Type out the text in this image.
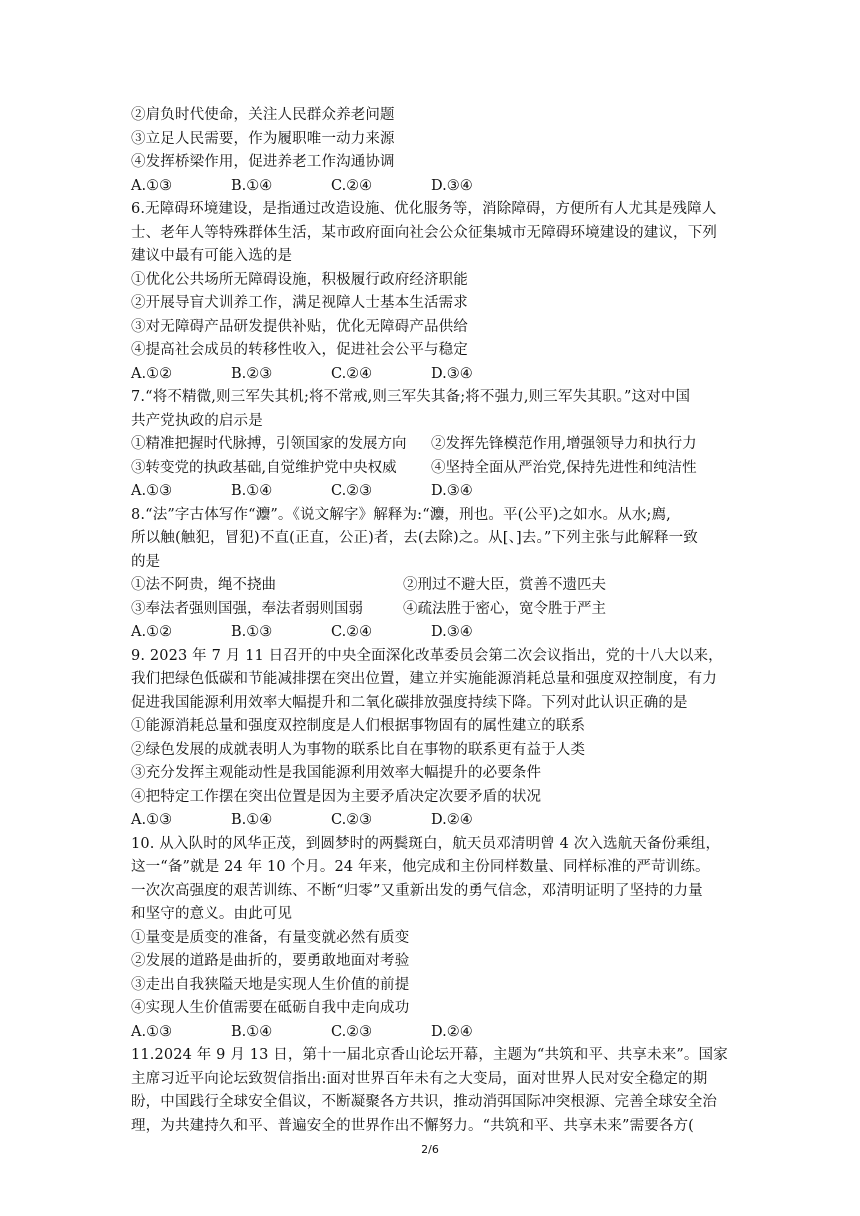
②肩负时代使命，关注人民群众养老问题
③立足人民需要，作为履职唯一动力来源
④发挥桥梁作用，促进养老工作沟通协调
A.①③	B.①④	C.②④	D.③④
6.无障碍环境建设，是指通过改造设施、优化服务等，消除障碍，方便所有人尤其是残障人
士、老年人等特殊群体生活，某市政府面向社会公众征集城市无障碍环境建设的建议，下列
建议中最有可能入选的是
①优化公共场所无障碍设施，积极履行政府经济职能
②开展导盲犬训养工作，满足视障人士基本生活需求
③对无障碍产品研发提供补贴，优化无障碍产品供给
④提高社会成员的转移性收入，促进社会公平与稳定
A.①②	B.②③	C.②④	D.③④
7.“将不精微,则三军失其机;将不常戒,则三军失其备;将不强力,则三军失其职。”这对中国
共产党执政的启示是
①精准把握时代脉搏，引领国家的发展方向	②发挥先锋模范作用,增强领导力和执行力
③转变党的执政基础,自觉维护党中央权威	④坚持全面从严治党,保持先进性和纯洁性
A.①③	B.①④	C.②③	D.③④
8.“法”字古体写作“灋”。《说文解字》解释为:“灋，刑也。平(公平)之如水。从水;廌,
所以触(触犯，冒犯)不直(正直，公正)者，去(去除)之。从[、]去。”下列主张与此解释一致
的是
①法不阿贵，绳不挠曲	②刑过不避大臣，赏善不遗匹夫
③奉法者强则国强，奉法者弱则国弱	④疏法胜于密心，宽令胜于严主
A.①②	B.①③	C.②④	D.③④
9. 2023 年 7 月 11 日召开的中央全面深化改革委员会第二次会议指出，党的十八大以来，
我们把绿色低碳和节能减排摆在突出位置，建立并实施能源消耗总量和强度双控制度，有力
促进我国能源利用效率大幅提升和二氧化碳排放强度持续下降。下列对此认识正确的是
①能源消耗总量和强度双控制度是人们根据事物固有的属性建立的联系
②绿色发展的成就表明人为事物的联系比自在事物的联系更有益于人类
③充分发挥主观能动性是我国能源利用效率大幅提升的必要条件
④把特定工作摆在突出位置是因为主要矛盾决定次要矛盾的状况
A.①③	B.①④	C.②③	D.②④
10. 从入队时的风华正茂，到圆梦时的两鬓斑白，航天员邓清明曾 4 次入选航天备份乘组，
这一“备”就是 24 年 10 个月。24 年来，他完成和主份同样数量、同样标准的严苛训练。
一次次高强度的艰苦训练、不断“归零”又重新出发的勇气信念，邓清明证明了坚持的力量
和坚守的意义。由此可见
①量变是质变的准备，有量变就必然有质变
②发展的道路是曲折的，要勇敢地面对考验
③走出自我狭隘天地是实现人生价值的前提
④实现人生价值需要在砥砺自我中走向成功
A.①③	B.①④	C.②③	D.②④
11.2024 年 9 月 13 日，第十一届北京香山论坛开幕，主题为“共筑和平、共享未来”。国家
主席习近平向论坛致贺信指出:面对世界百年未有之大变局，面对世界人民对安全稳定的期
盼，中国践行全球安全倡议，不断凝聚各方共识，推动消弭国际冲突根源、完善全球安全治
理，为共建持久和平、普遍安全的世界作出不懈努力。“共筑和平、共享未来”需要各方(
2/6
